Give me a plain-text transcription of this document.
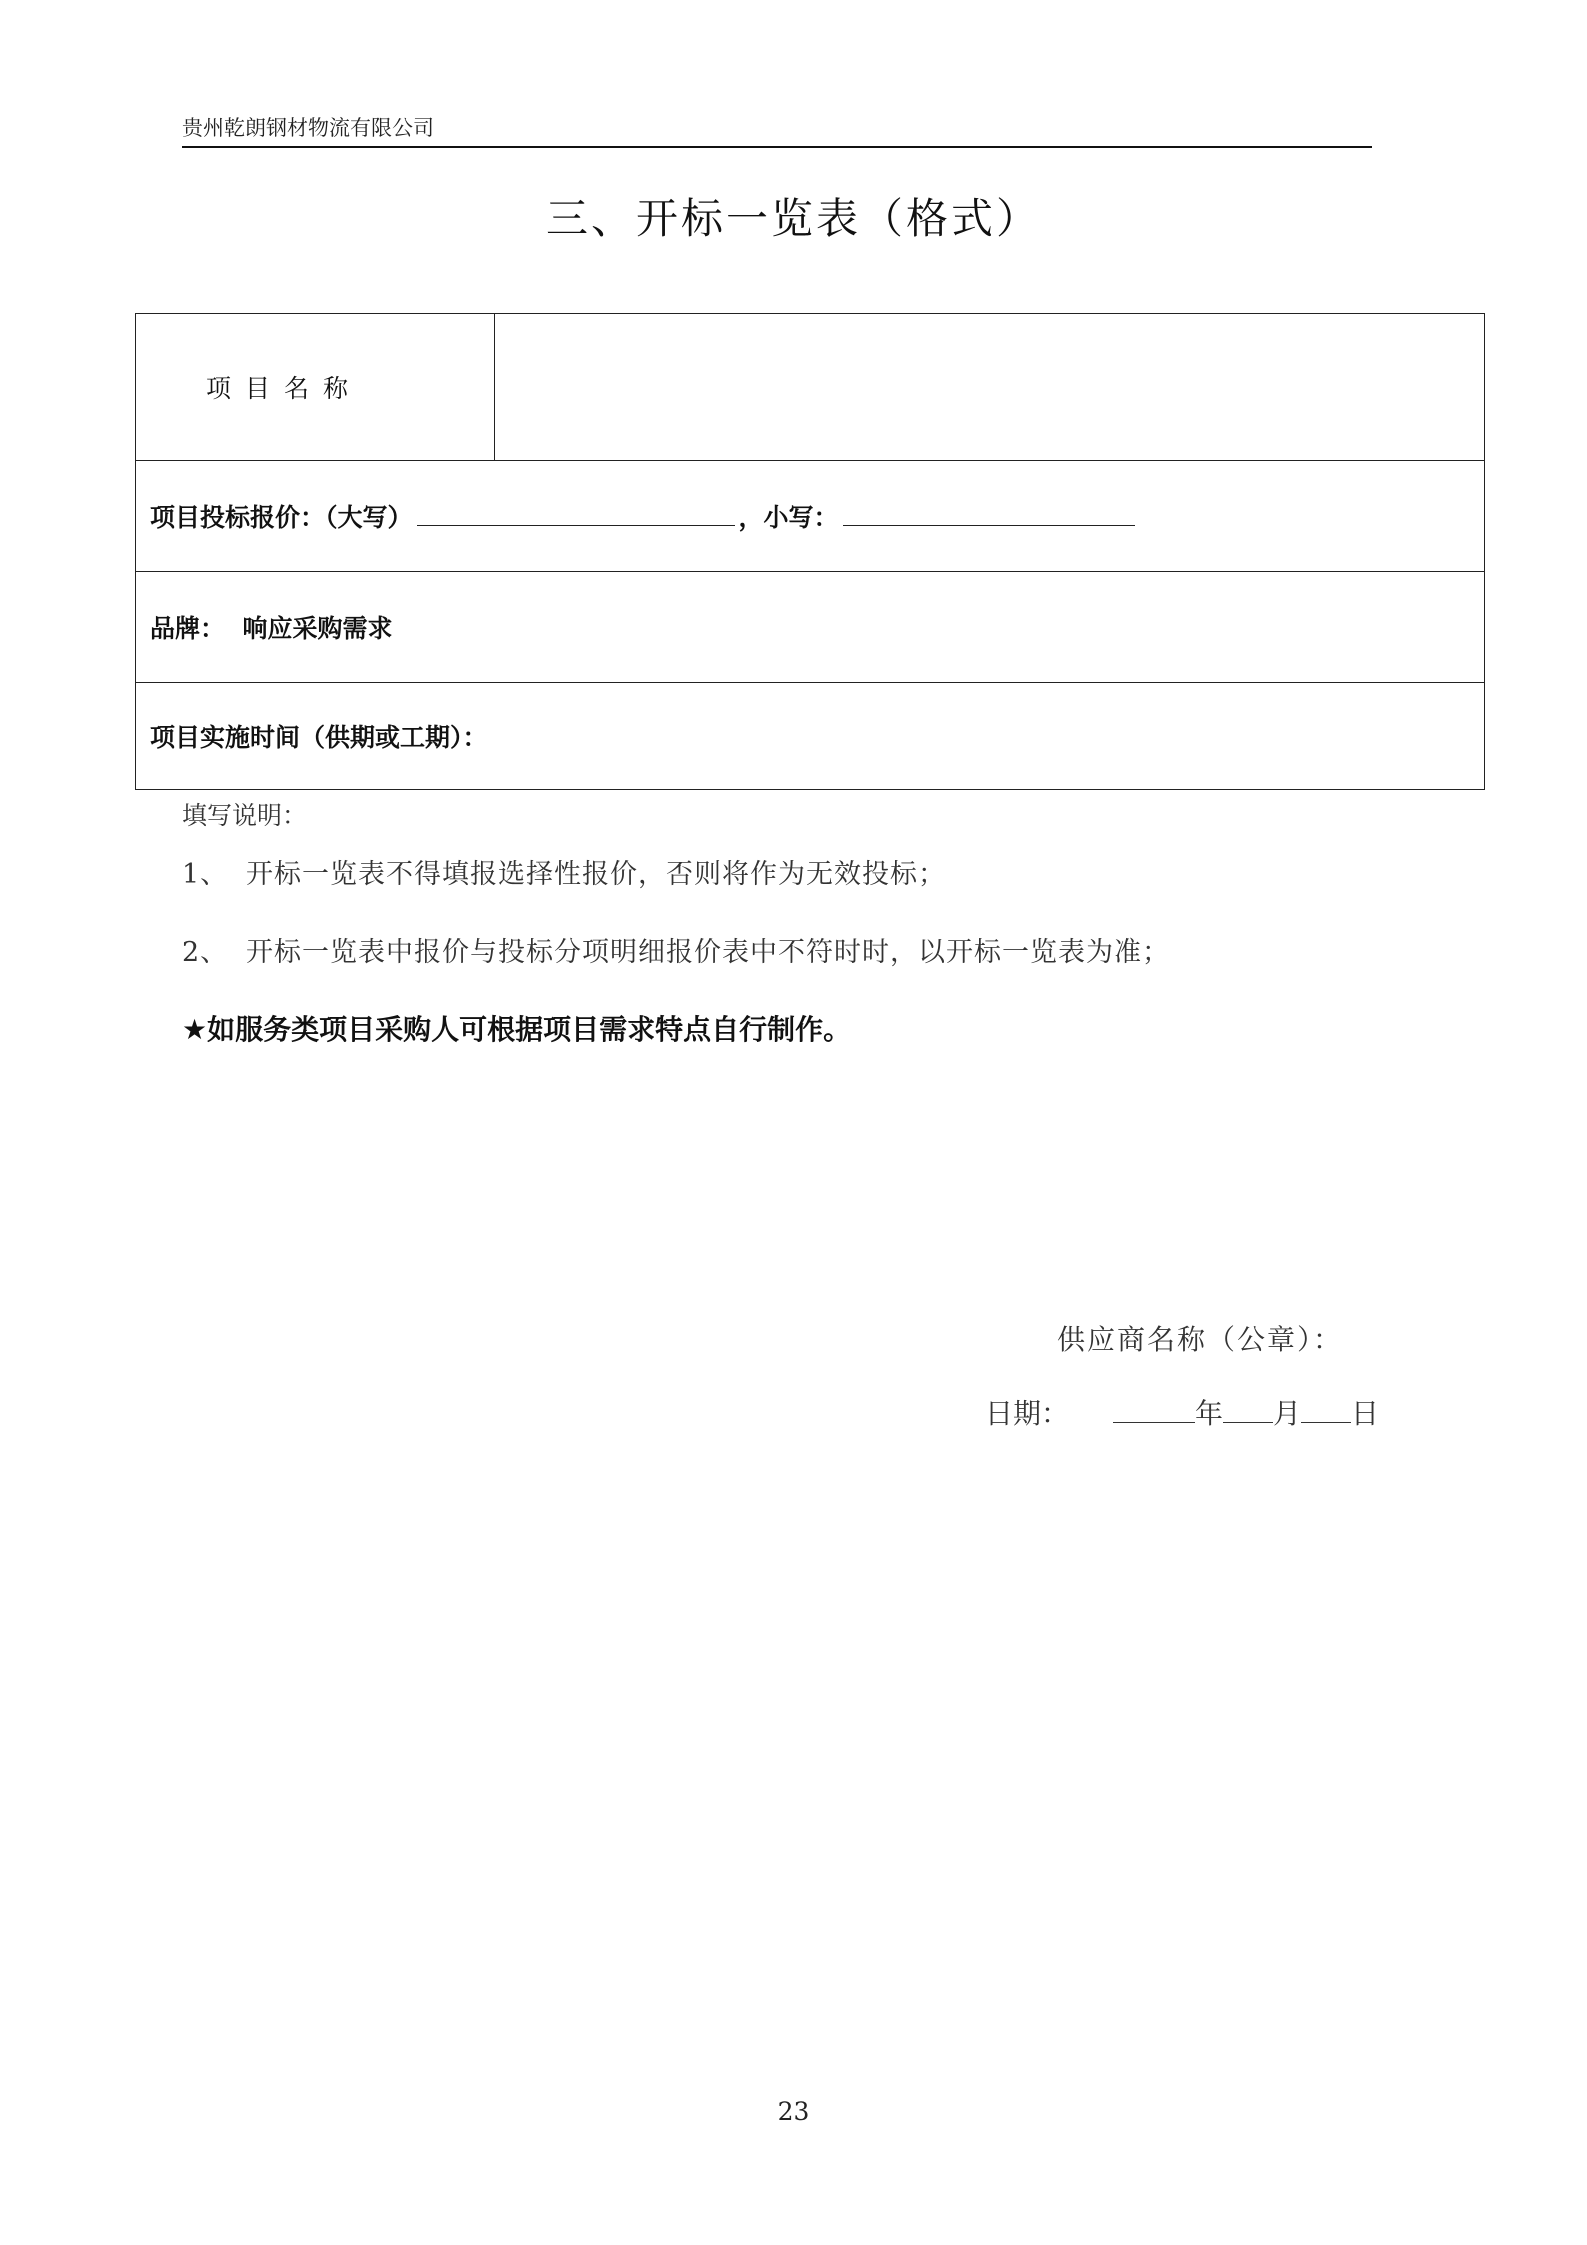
贵州乾朗钢材物流有限公司
三、开标一览表（格式）
项目名称

项目投标报价：（大写）	，小写：
品牌： 响应采购需求
项目实施时间（供期或工期）：
填写说明：
1、 开标一览表不得填报选择性报价，否则将作为无效投标；
2、 开标一览表中报价与投标分项明细报价表中不符时时，以开标一览表为准；
★如服务类项目采购人可根据项目需求特点自行制作。
供应商名称（公章）：
日期：	年 月 日
23
